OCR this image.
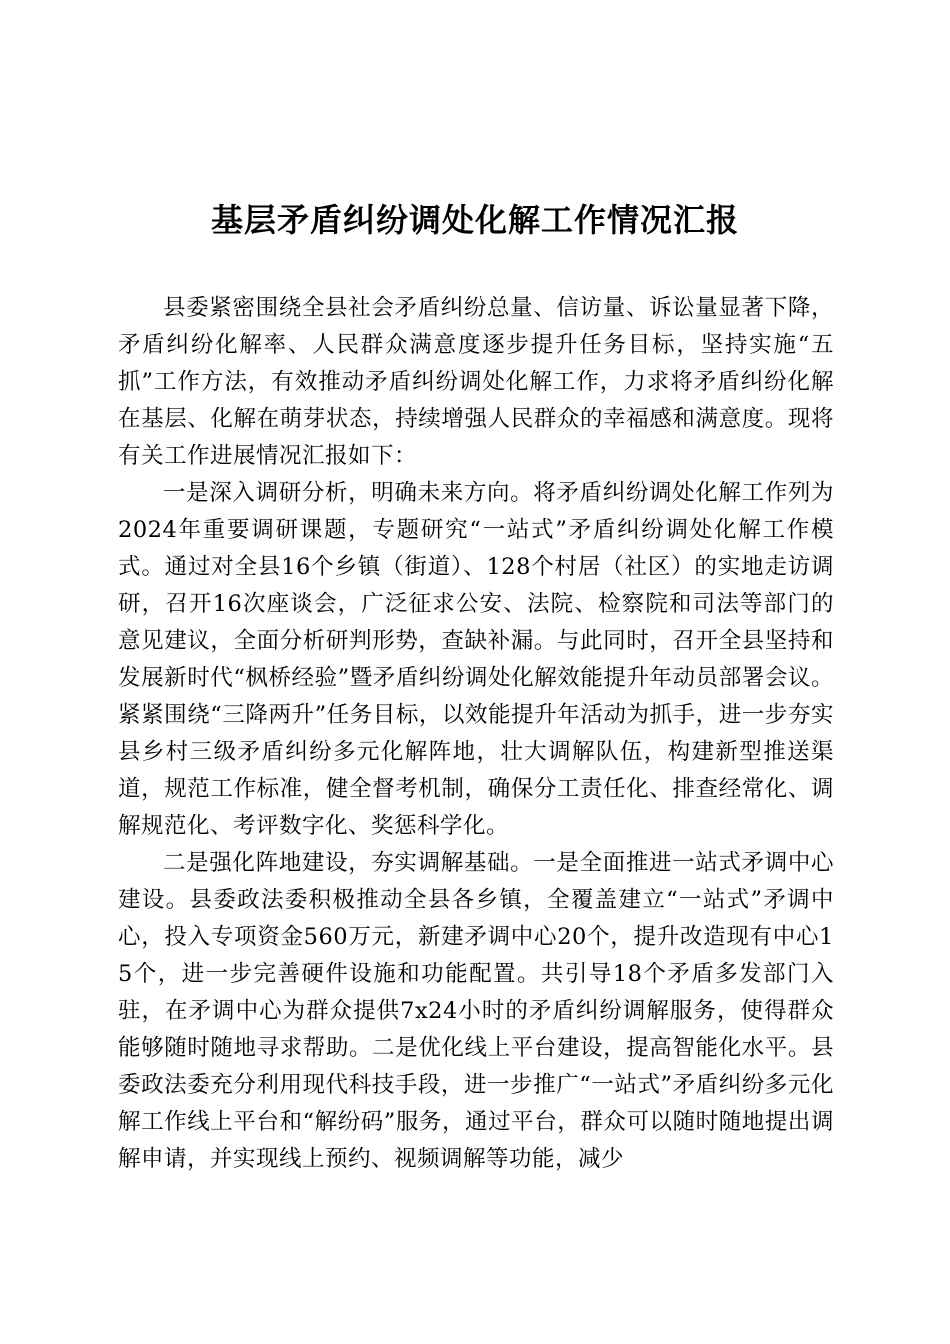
基层矛盾纠纷调处化解工作情况汇报

县委紧密围绕全县社会矛盾纠纷总量、信访量、诉讼量显著下降，矛盾纠纷化解率、人民群众满意度逐步提升任务目标，坚持实施“五抓”工作方法，有效推动矛盾纠纷调处化解工作，力求将矛盾纠纷化解在基层、化解在萌芽状态，持续增强人民群众的幸福感和满意度。现将有关工作进展情况汇报如下：

一是深入调研分析，明确未来方向。将矛盾纠纷调处化解工作列为2024年重要调研课题，专题研究“一站式”矛盾纠纷调处化解工作模式。通过对全县16个乡镇（街道）、128个村居（社区）的实地走访调研，召开16次座谈会，广泛征求公安、法院、检察院和司法等部门的意见建议，全面分析研判形势，查缺补漏。与此同时，召开全县坚持和发展新时代“枫桥经验”暨矛盾纠纷调处化解效能提升年动员部署会议。紧紧围绕“三降两升”任务目标，以效能提升年活动为抓手，进一步夯实县乡村三级矛盾纠纷多元化解阵地，壮大调解队伍，构建新型推送渠道，规范工作标准，健全督考机制，确保分工责任化、排查经常化、调解规范化、考评数字化、奖惩科学化。

二是强化阵地建设，夯实调解基础。一是全面推进一站式矛调中心建设。县委政法委积极推动全县各乡镇，全覆盖建立“一站式”矛调中心，投入专项资金560万元，新建矛调中心20个，提升改造现有中心15个，进一步完善硬件设施和功能配置。共引导18个矛盾多发部门入驻，在矛调中心为群众提供7x24小时的矛盾纠纷调解服务，使得群众能够随时随地寻求帮助。二是优化线上平台建设，提高智能化水平。县委政法委充分利用现代科技手段，进一步推广“一站式”矛盾纠纷多元化解工作线上平台和“解纷码”服务，通过平台，群众可以随时随地提出调解申请，并实现线上预约、视频调解等功能，减少
